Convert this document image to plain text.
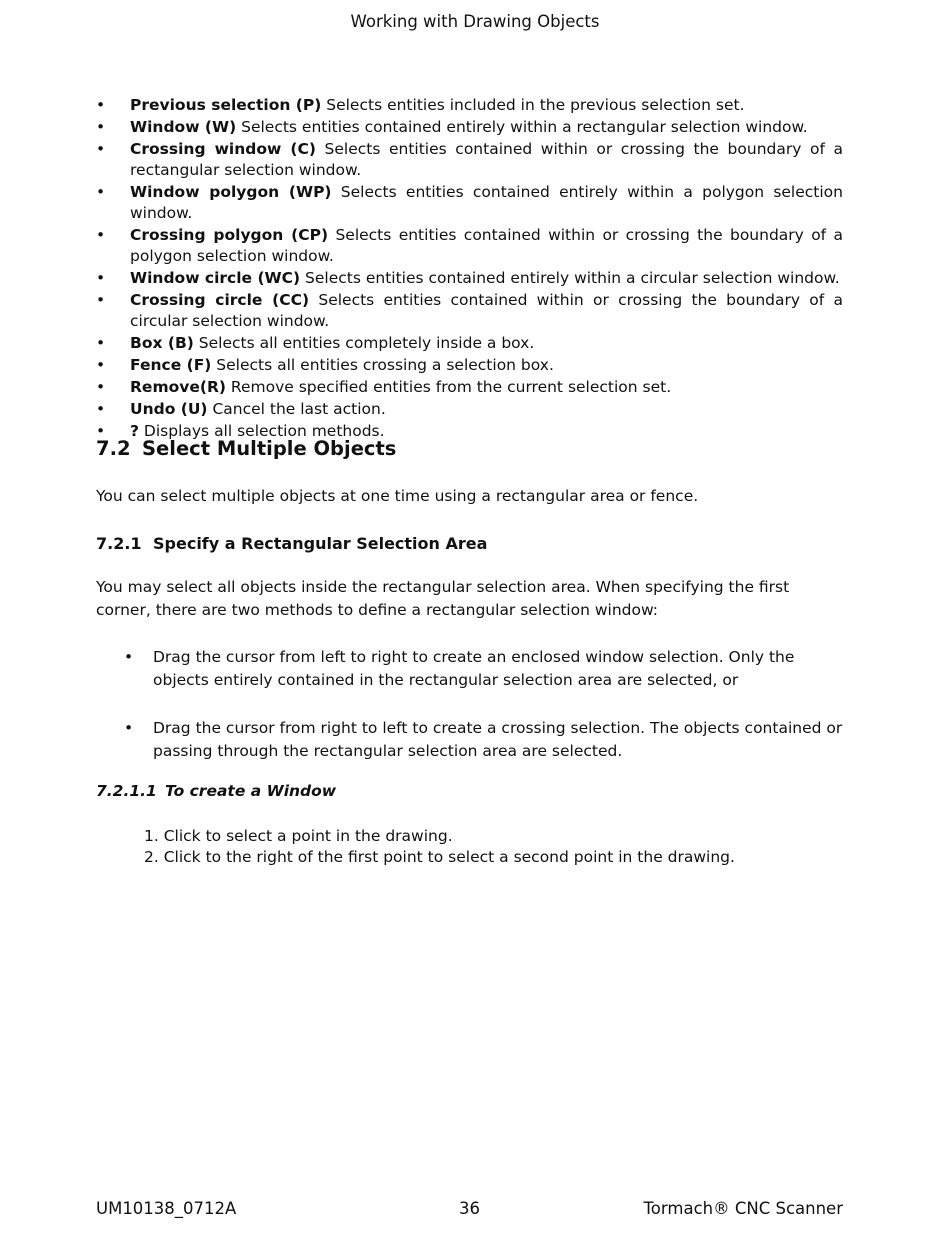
Working with Drawing Objects
• Previous selection (P) Selects entities included in the previous selection set.
• Window (W) Selects entities contained entirely within a rectangular selection window.
• Crossing window (C) Selects entities contained within or crossing the boundary of a rectangular selection window.
• Window polygon (WP) Selects entities contained entirely within a polygon selection window.
• Crossing polygon (CP) Selects entities contained within or crossing the boundary of a polygon selection window.
• Window circle (WC) Selects entities contained entirely within a circular selection window.
• Crossing circle (CC) Selects entities contained within or crossing the boundary of a circular selection window.
• Box (B) Selects all entities completely inside a box.
• Fence (F) Selects all entities crossing a selection box.
• Remove(R) Remove specified entities from the current selection set.
• Undo (U) Cancel the last action.
• ? Displays all selection methods.
7.2 Select Multiple Objects

You can select multiple objects at one time using a rectangular area or fence.

7.2.1 Specify a Rectangular Selection Area

You may select all objects inside the rectangular selection area. When specifying the first corner, there are two methods to define a rectangular selection window:

• Drag the cursor from left to right to create an enclosed window selection. Only the objects entirely contained in the rectangular selection area are selected, or
• Drag the cursor from right to left to create a crossing selection. The objects contained or passing through the rectangular selection area are selected.
7.2.1.1 To create a Window
1. Click to select a point in the drawing.
2. Click to the right of the first point to select a second point in the drawing.
UM10138_0712A	36	Tormach® CNC Scanner
